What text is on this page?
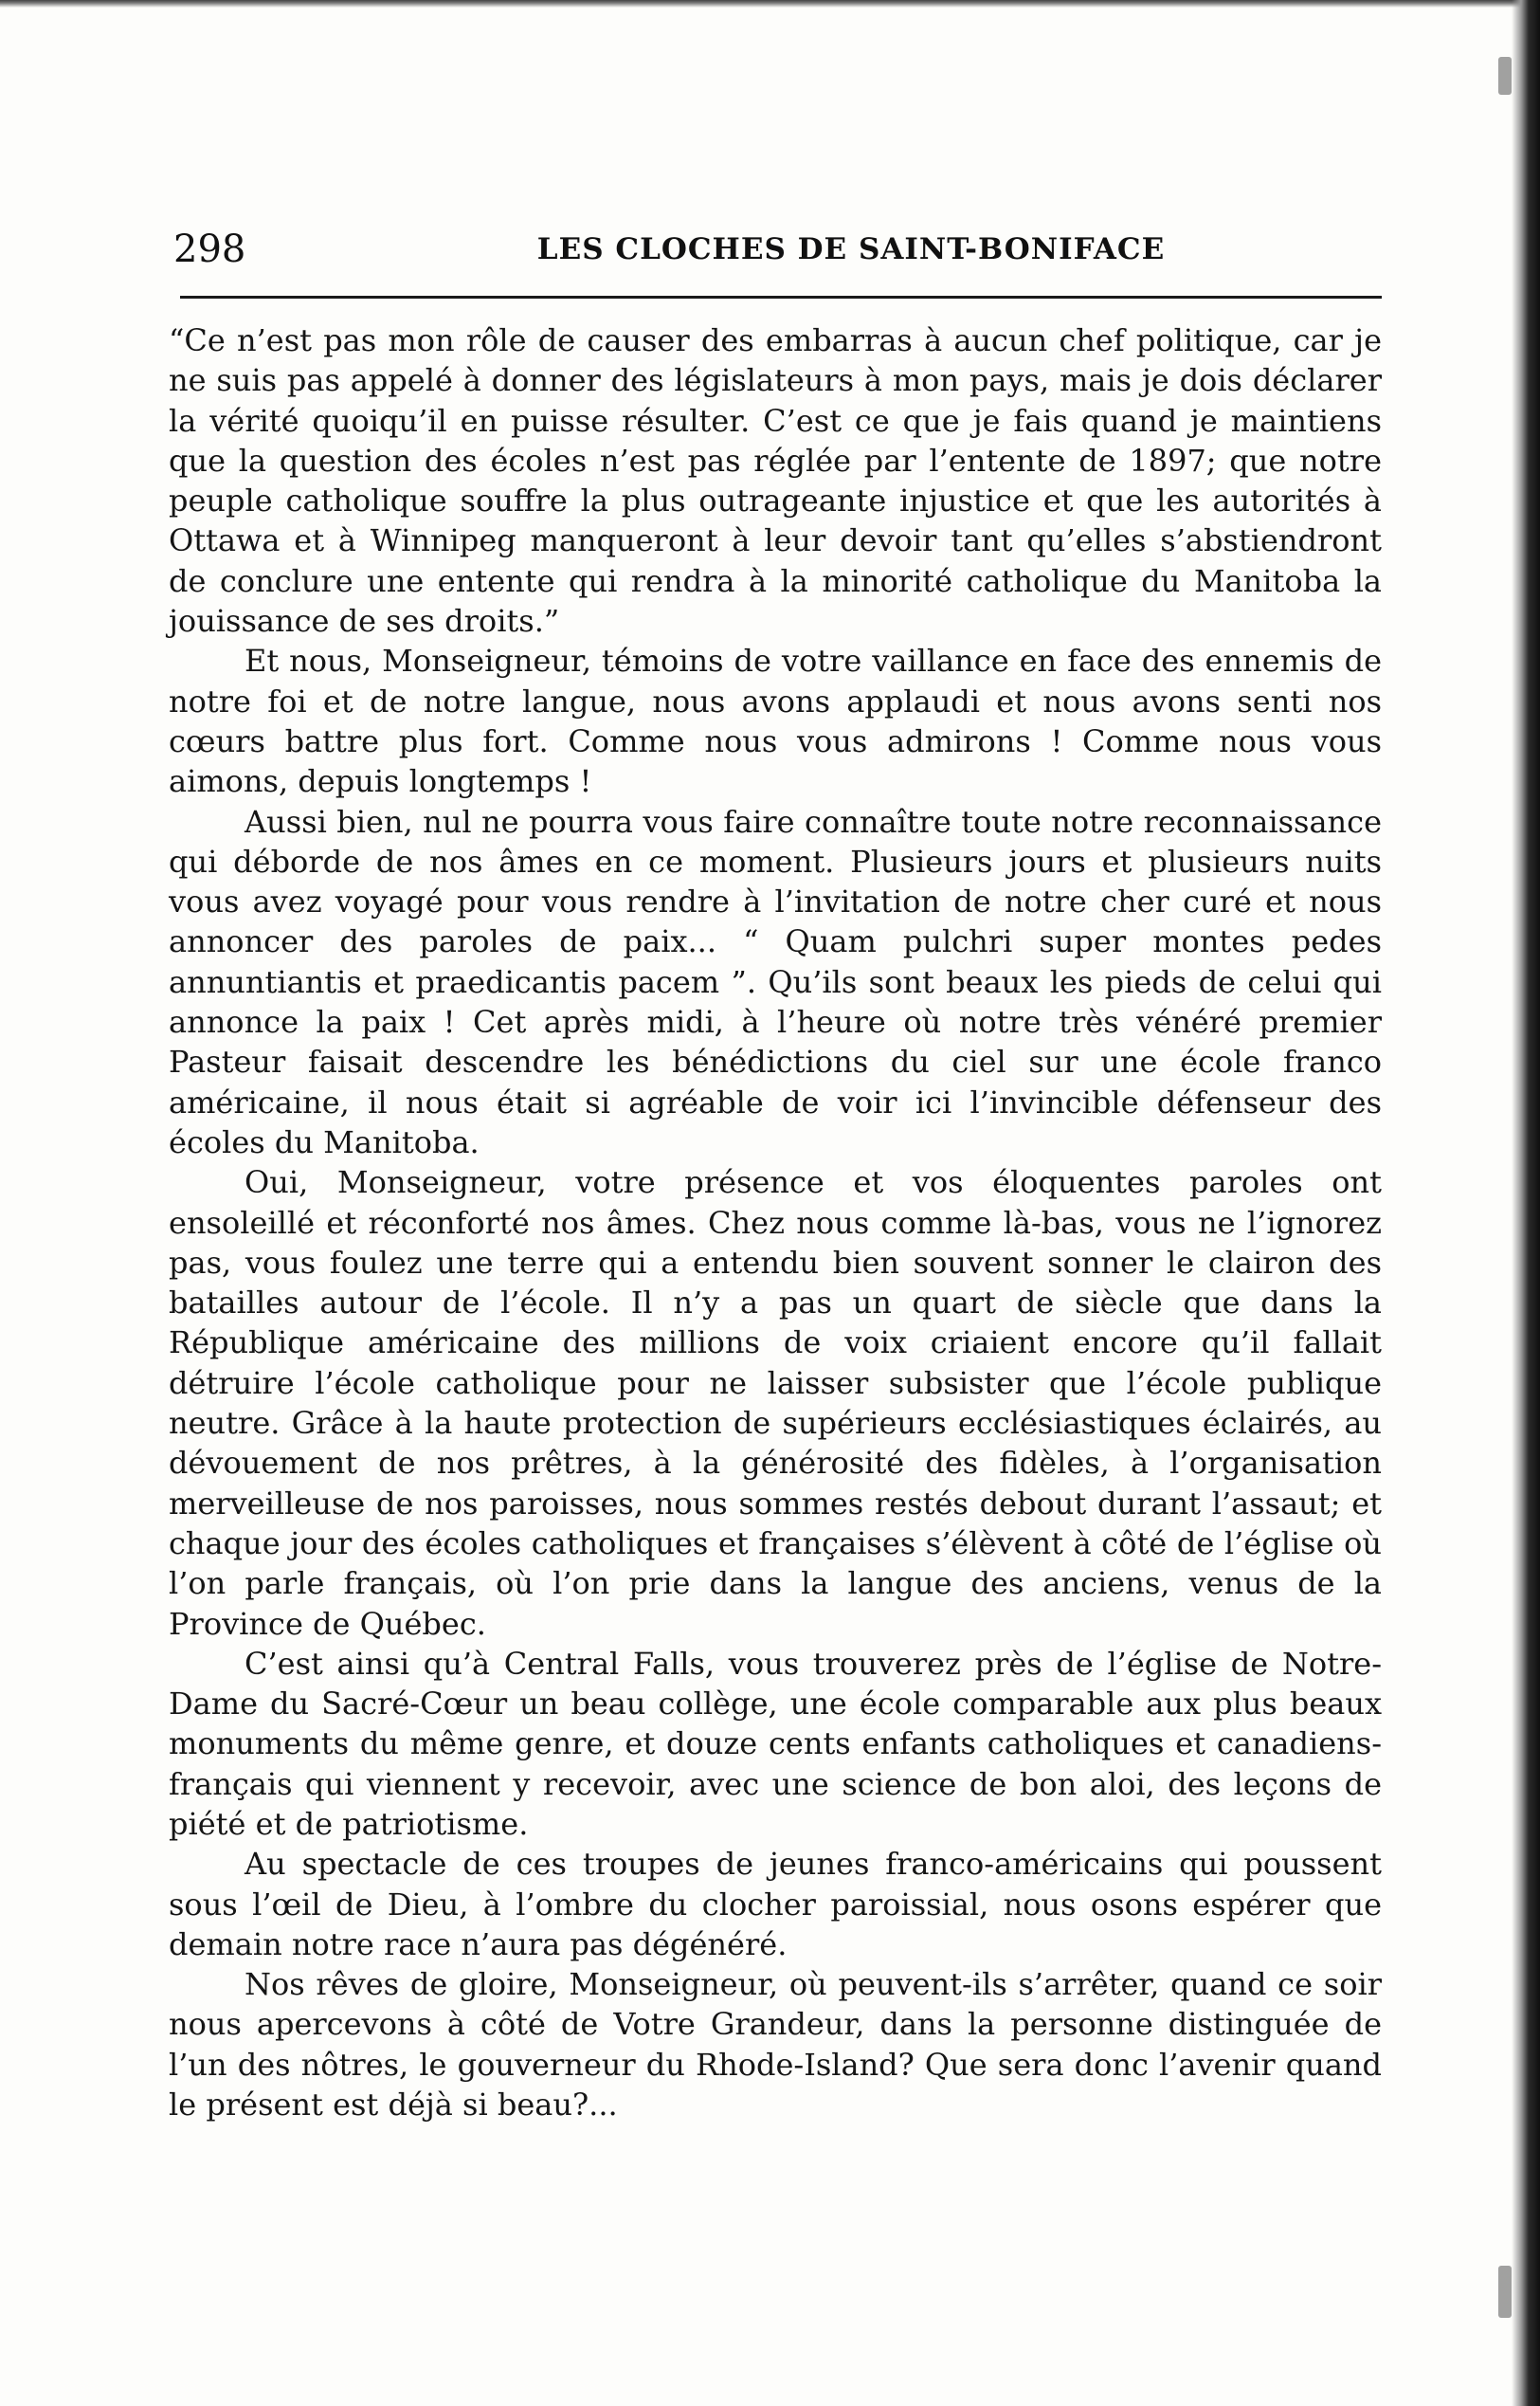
298	LES CLOCHES DE SAINT-BONIFACE

“Ce n’est pas mon rôle de causer des embarras à aucun chef politique, car je ne suis pas appelé à donner des législateurs à mon pays, mais je dois déclarer la vérité quoiqu’il en puisse résulter. C’est ce que je fais quand je maintiens que la question des écoles n’est pas réglée par l’entente de 1897; que notre peuple catholique souffre la plus outrageante injustice et que les autorités à Ottawa et à Winnipeg manqueront à leur devoir tant qu’elles s’abstiendront de conclure une entente qui rendra à la minorité catholique du Manitoba la jouissance de ses droits.”

Et nous, Monseigneur, témoins de votre vaillance en face des ennemis de notre foi et de notre langue, nous avons applaudi et nous avons senti nos cœurs battre plus fort. Comme nous vous admirons ! Comme nous vous aimons, depuis longtemps !

Aussi bien, nul ne pourra vous faire connaître toute notre reconnaissance qui déborde de nos âmes en ce moment. Plusieurs jours et plusieurs nuits vous avez voyagé pour vous rendre à l’invitation de notre cher curé et nous annoncer des paroles de paix... “ Quam pulchri super montes pedes annuntiantis et praedicantis pacem ”. Qu’ils sont beaux les pieds de celui qui annonce la paix ! Cet après midi, à l’heure où notre très vénéré premier Pasteur faisait descendre les bénédictions du ciel sur une école franco américaine, il nous était si agréable de voir ici l’invincible défenseur des écoles du Manitoba.

Oui, Monseigneur, votre présence et vos éloquentes paroles ont ensoleillé et réconforté nos âmes. Chez nous comme là-bas, vous ne l’ignorez pas, vous foulez une terre qui a entendu bien souvent sonner le clairon des batailles autour de l’école. Il n’y a pas un quart de siècle que dans la République américaine des millions de voix criaient encore qu’il fallait détruire l’école catholique pour ne laisser subsister que l’école publique neutre. Grâce à la haute protection de supérieurs ecclésiastiques éclairés, au dévouement de nos prêtres, à la générosité des fidèles, à l’organisation merveilleuse de nos paroisses, nous sommes restés debout durant l’assaut; et chaque jour des écoles catholiques et françaises s’élèvent à côté de l’église où l’on parle français, où l’on prie dans la langue des anciens, venus de la Province de Québec.

C’est ainsi qu’à Central Falls, vous trouverez près de l’église de Notre-Dame du Sacré-Cœur un beau collège, une école comparable aux plus beaux monuments du même genre, et douze cents enfants catholiques et canadiens-français qui viennent y recevoir, avec une science de bon aloi, des leçons de piété et de patriotisme.

Au spectacle de ces troupes de jeunes franco-américains qui poussent sous l’œil de Dieu, à l’ombre du clocher paroissial, nous osons espérer que demain notre race n’aura pas dégénéré.

Nos rêves de gloire, Monseigneur, où peuvent-ils s’arrêter, quand ce soir nous apercevons à côté de Votre Grandeur, dans la personne distinguée de l’un des nôtres, le gouverneur du Rhode-Island? Que sera donc l’avenir quand le présent est déjà si beau?...
